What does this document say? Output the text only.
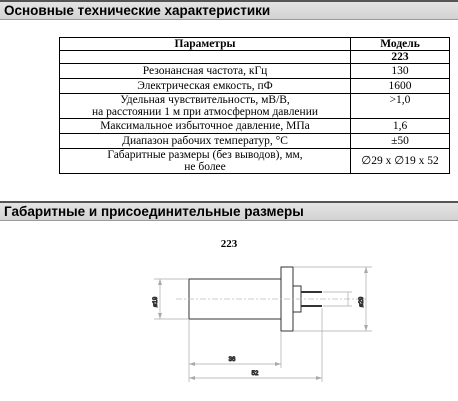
Основные технические характеристики
Параметры	Модель
	223
Резонансная частота, кГц	130
Электрическая емкость, пФ	1600
Удельная чувствительность, мВ/В,
на расстоянии 1 м при атмосферном давлении	>1,0
Максимальное избыточное давление, МПа	1,6
Диапазон рабочих температур, °С	±50
Габаритные размеры (без выводов), мм,
не более	∅29 х ∅19 х 52
Габаритные и присоединительные размеры
223
ø19	ø29
36
52
